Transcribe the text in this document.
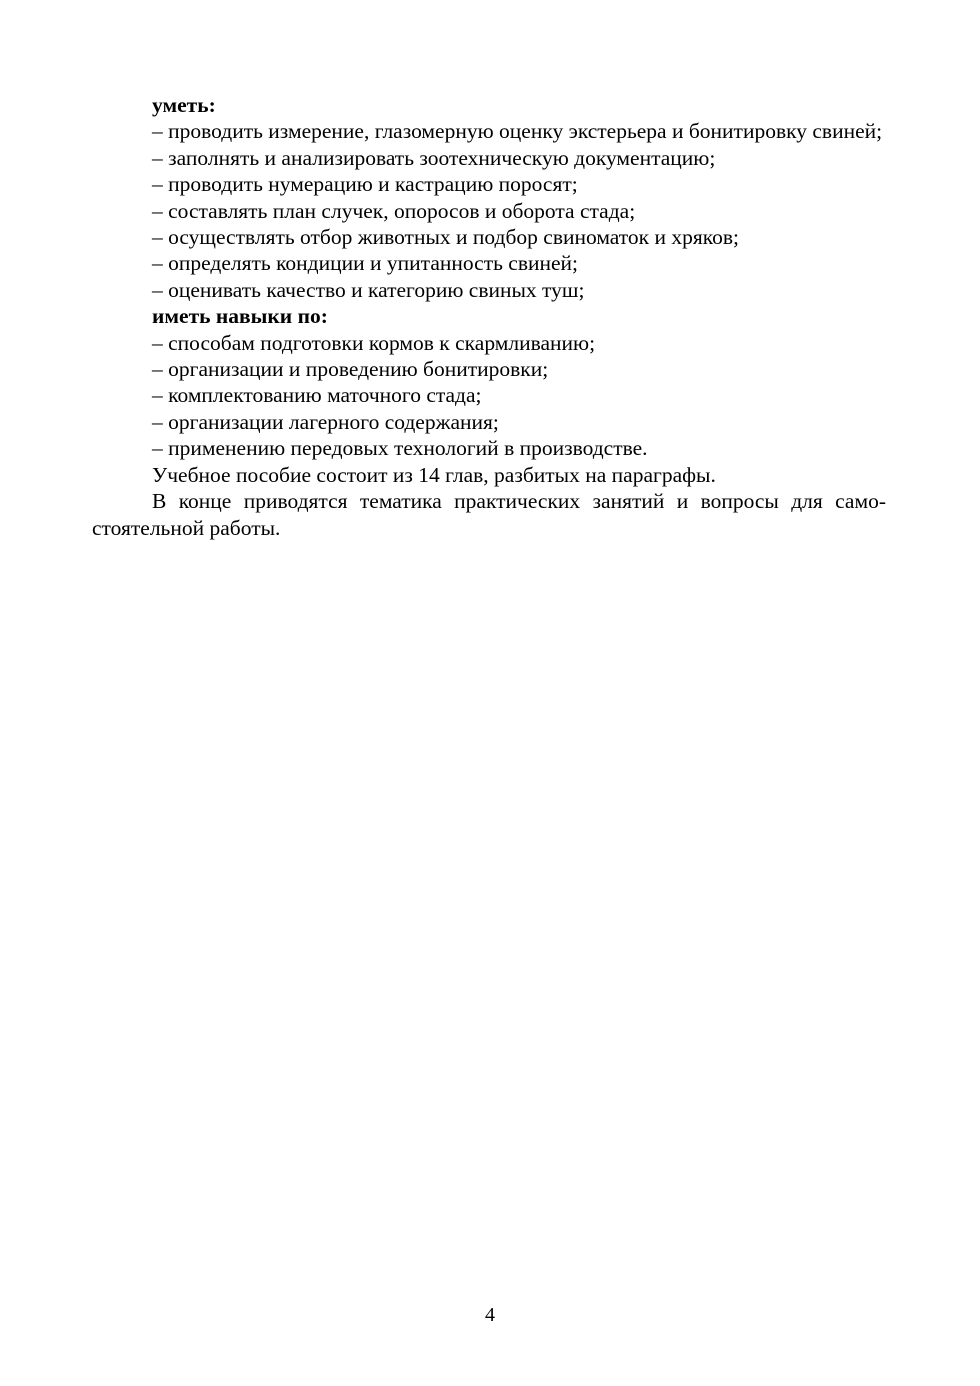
уметь:

– проводить измерение, глазомерную оценку экстерьера и бонитировку свиней;

– заполнять и анализировать зоотехническую документацию;

– проводить нумерацию и кастрацию поросят;

– составлять план случек, опоросов и оборота стада;

– осуществлять отбор животных и подбор свиноматок и хряков;

– определять кондиции и упитанность свиней;

– оценивать качество и категорию свиных туш;

иметь навыки по:

– способам подготовки кормов к скармливанию;

– организации и проведению бонитировки;

– комплектованию маточного стада;

– организации лагерного содержания;

– применению передовых технологий в производстве.

Учебное пособие состоит из 14 глав, разбитых на параграфы.

В конце приводятся тематика практических занятий и вопросы для само-стоятельной работы.

4
